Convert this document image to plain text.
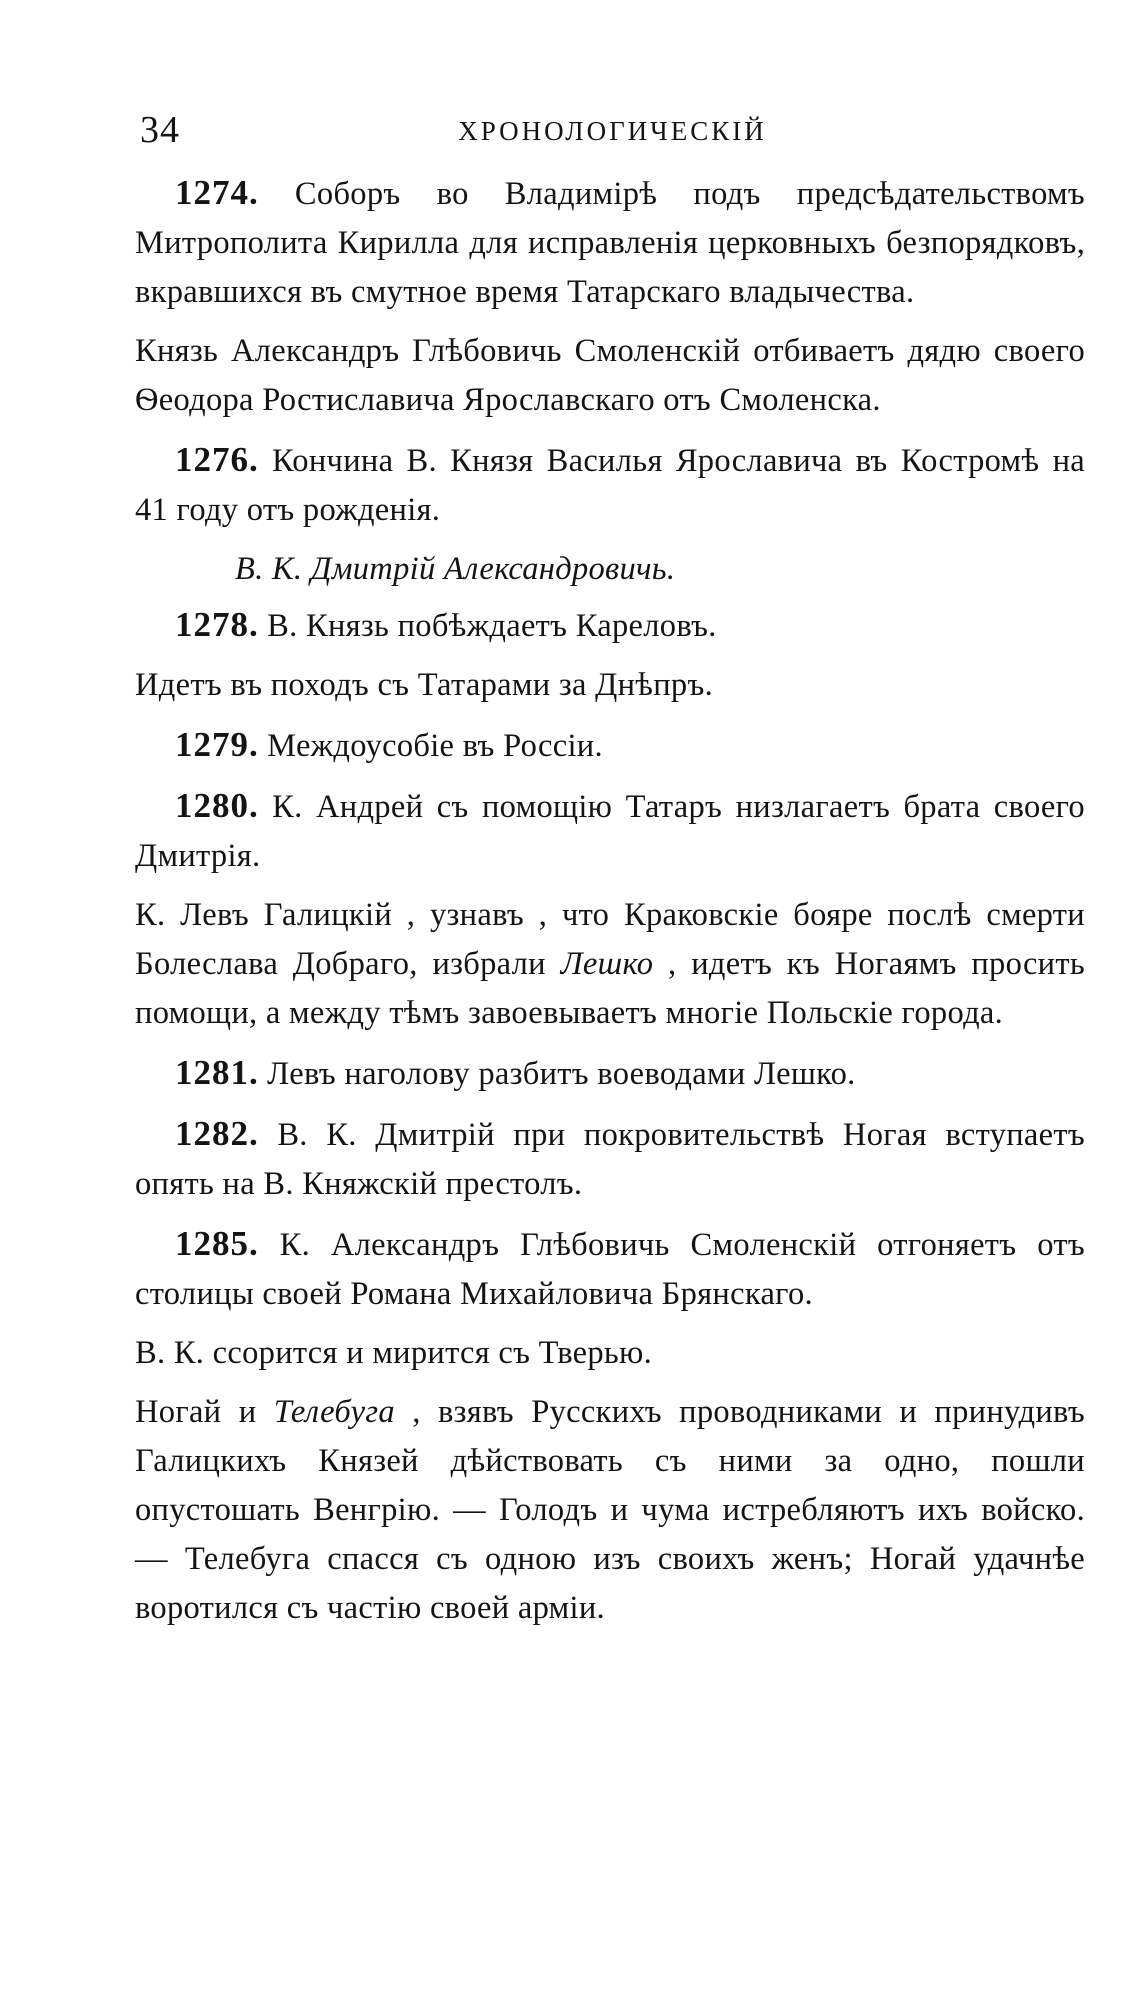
34	ХРОНОЛОГИЧЕСКІЙ

1274. Соборъ во Владимірѣ подъ предсѣдательствомъ Митрополита Кирилла для исправленія церковныхъ безпорядковъ, вкравшихся въ смутное время Татарскаго владычества.

Князь Александръ Глѣбовичь Смоленскій отбиваетъ дядю своего Ѳеодора Ростиславича Ярославскаго отъ Смоленска.

1276. Кончина В. Князя Василья Ярославича въ Костромѣ на 41 году отъ рожденія.

В. К. Дмитрій Александровичь.

1278. В. Князь побѣждаетъ Кареловъ.

Идетъ въ походъ съ Татарами за Днѣпръ.

1279. Междоусобіе въ Россіи.

1280. К. Андрей съ помощію Татаръ низлагаетъ брата своего Дмитрія.

К. Левъ Галицкій , узнавъ , что Краковскіе бояре послѣ смерти Болеслава Добраго, избрали Лешко , идетъ къ Ногаямъ просить помощи, а между тѣмъ завоевываетъ многіе Польскіе города.

1281. Левъ наголову разбитъ воеводами Лешко.

1282. В. К. Дмитрій при покровительствѣ Ногая вступаетъ опять на В. Княжскій престолъ.

1285. К. Александръ Глѣбовичь Смоленскій отгоняетъ отъ столицы своей Романа Михайловича Брянскаго.

В. К. ссорится и мирится съ Тверью.

Ногай и Телебуга , взявъ Русскихъ проводниками и принудивъ Галицкихъ Князей дѣйствовать съ ними за одно, пошли опустошать Венгрію. — Голодъ и чума истребляютъ ихъ войско. — Телебуга спасся съ одною изъ своихъ женъ; Ногай удачнѣе воротился съ частію своей арміи.
